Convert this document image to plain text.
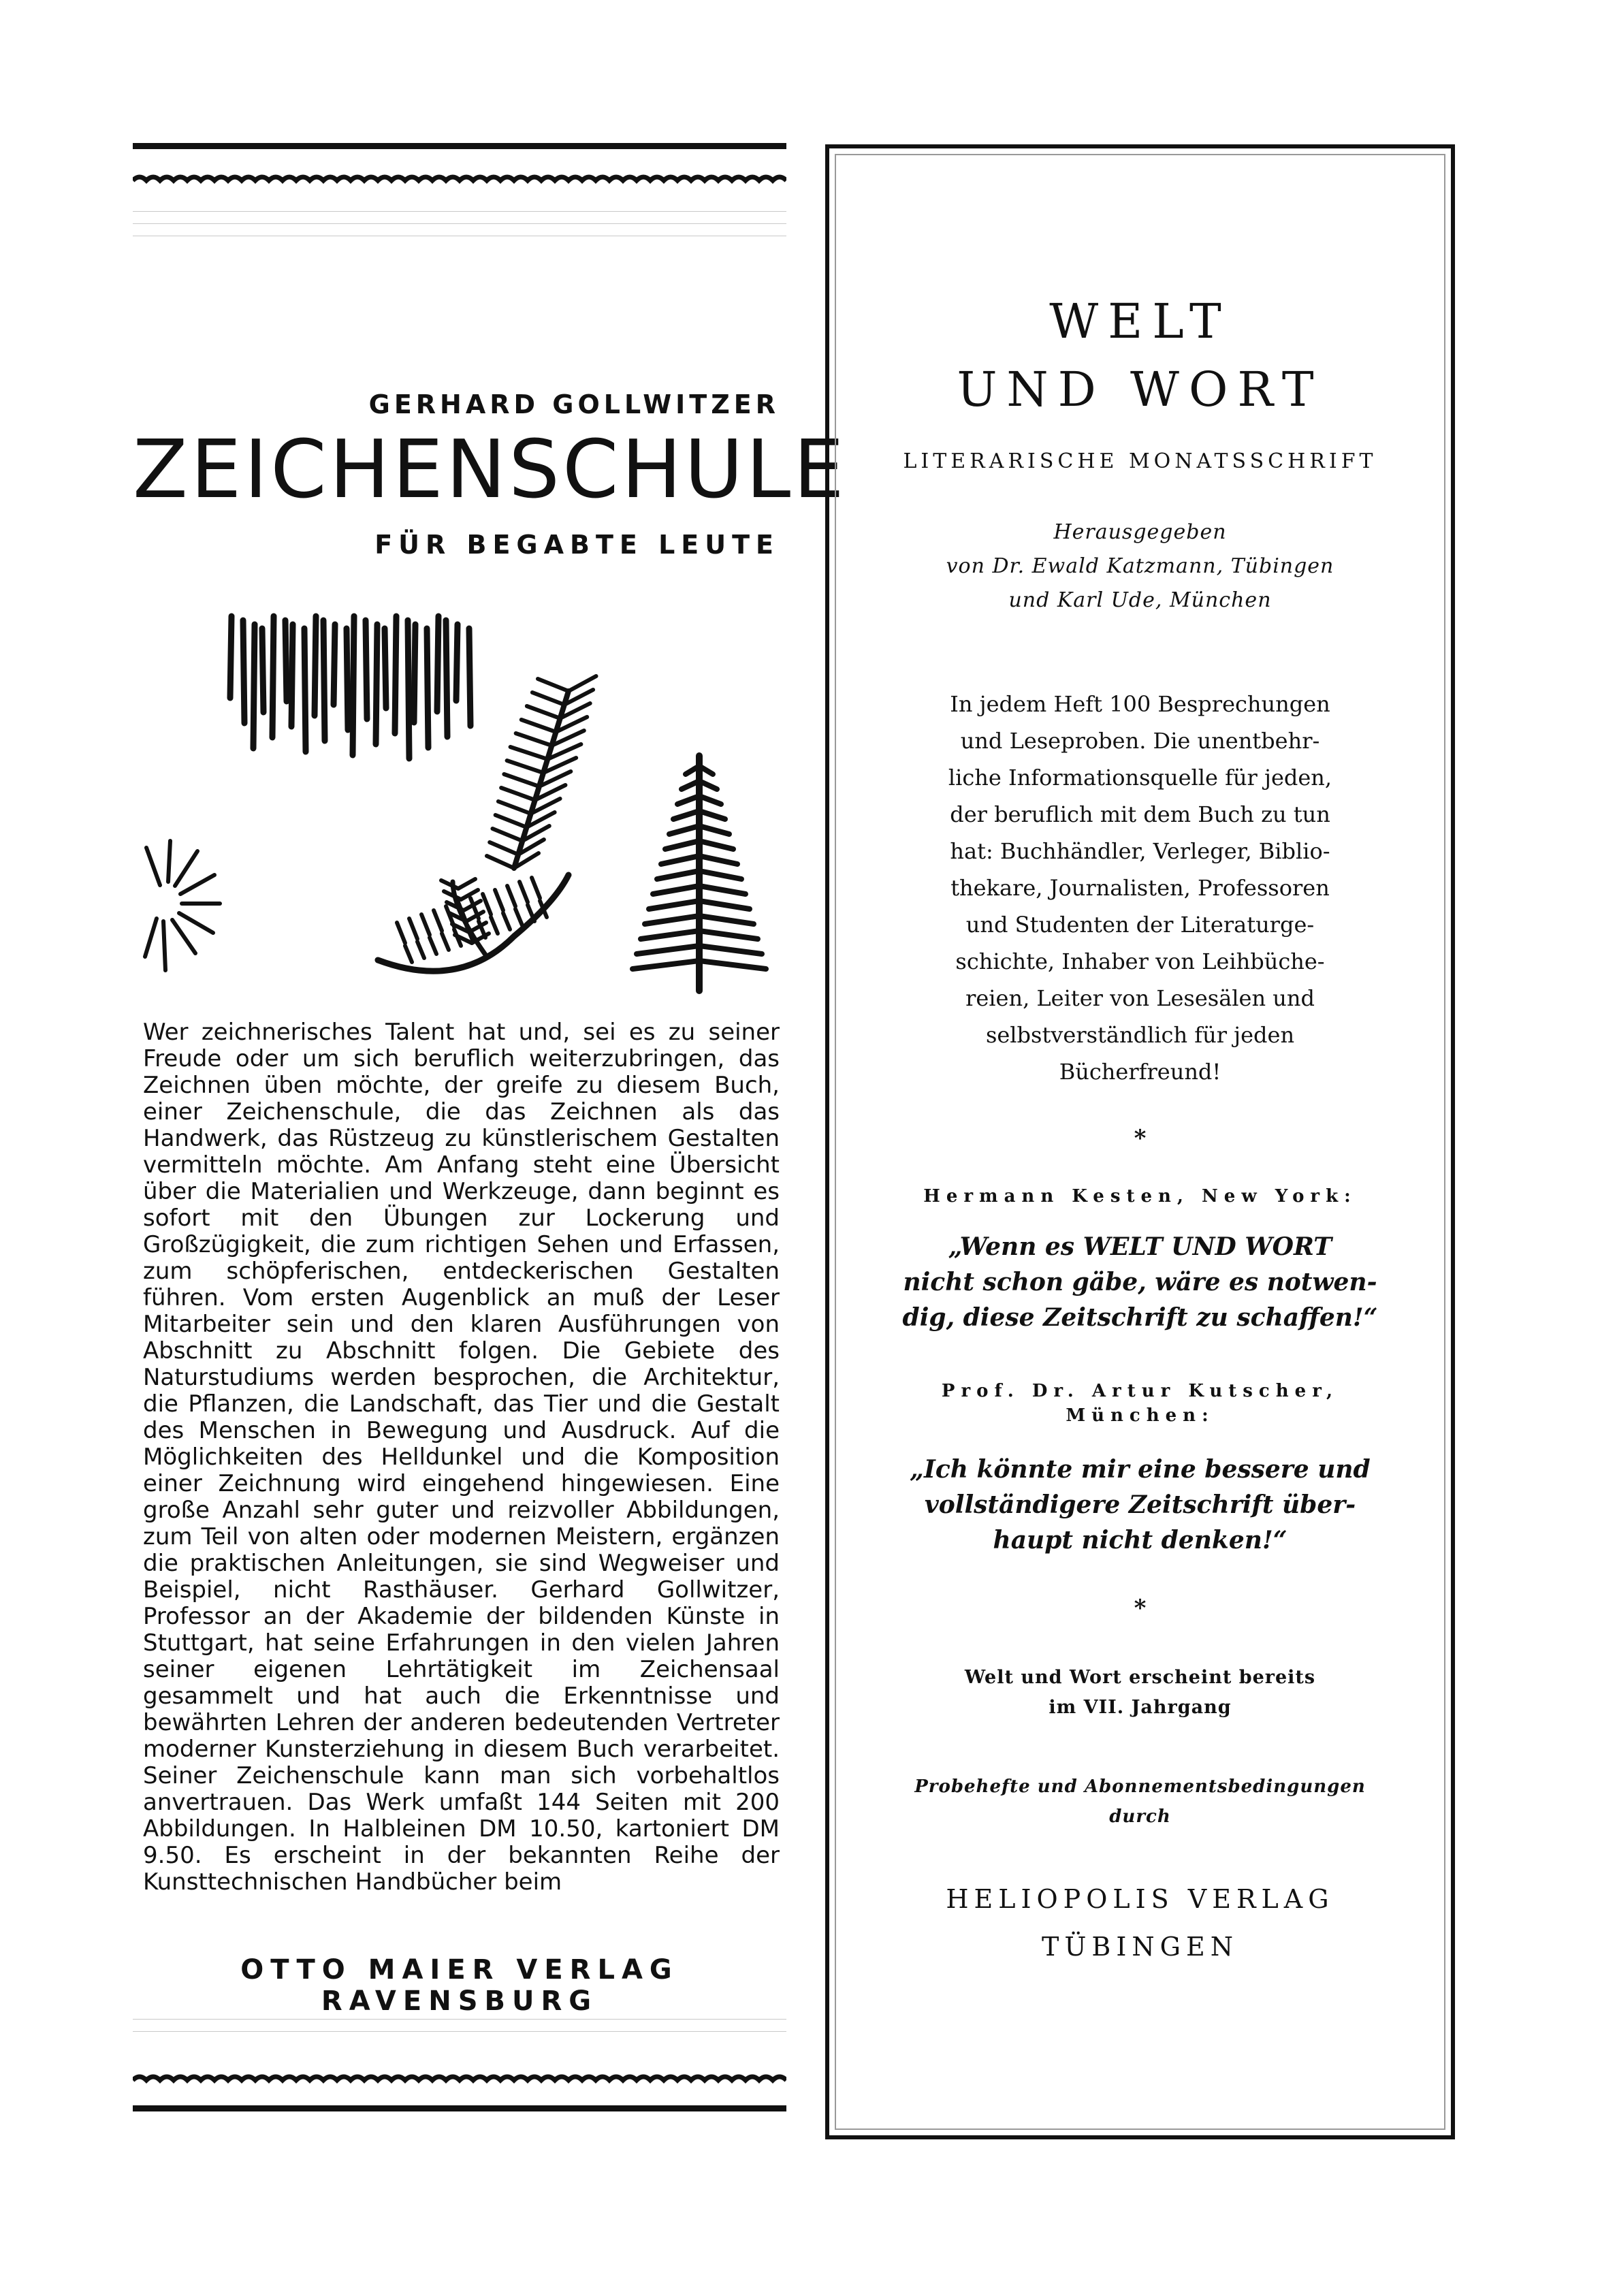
GERHARD GOLLWITZER
ZEICHENSCHULE
FÜR BEGABTE LEUTE
Wer zeichnerisches Talent hat und, sei es zu seiner Freude oder um sich beruflich weiterzubringen, das Zeichnen üben möchte, der greife zu diesem Buch, einer Zeichenschule, die das Zeichnen als das Handwerk, das Rüstzeug zu künstlerischem Gestalten vermitteln möchte. Am Anfang steht eine Übersicht über die Materialien und Werkzeuge, dann beginnt es sofort mit den Übungen zur Lockerung und Großzügigkeit, die zum richtigen Sehen und Erfassen, zum schöpferischen, entdeckerischen Gestalten führen. Vom ersten Augenblick an muß der Leser Mitarbeiter sein und den klaren Ausführungen von Abschnitt zu Abschnitt folgen. Die Gebiete des Naturstudiums werden besprochen, die Architektur, die Pflanzen, die Landschaft, das Tier und die Gestalt des Menschen in Bewegung und Ausdruck. Auf die Möglichkeiten des Helldunkel und die Komposition einer Zeichnung wird eingehend hingewiesen. Eine große Anzahl sehr guter und reizvoller Abbildungen, zum Teil von alten oder modernen Meistern, ergänzen die praktischen Anleitungen, sie sind Wegweiser und Beispiel, nicht Rasthäuser. Gerhard Gollwitzer, Professor an der Akademie der bildenden Künste in Stuttgart, hat seine Erfahrungen in den vielen Jahren seiner eigenen Lehrtätigkeit im Zeichensaal gesammelt und hat auch die Erkenntnisse und bewährten Lehren der anderen bedeutenden Vertreter moderner Kunsterziehung in diesem Buch verarbeitet. Seiner Zeichenschule kann man sich vorbehaltlos anvertrauen. Das Werk umfaßt 144 Seiten mit 200 Abbildungen. In Halbleinen DM 10.50, kartoniert DM 9.50. Es erscheint in der bekannten Reihe der Kunsttechnischen Handbücher beim
OTTO MAIER VERLAG RAVENSBURG
WELT
UND WORT
LITERARISCHE MONATSSCHRIFT
Herausgegeben
von Dr. Ewald Katzmann, Tübingen
und Karl Ude, München
In jedem Heft 100 Besprechungen
und Leseproben. Die unentbehr-
liche Informationsquelle für jeden,
der beruflich mit dem Buch zu tun
hat: Buchhändler, Verleger, Biblio-
thekare, Journalisten, Professoren
und Studenten der Literaturge-
schichte, Inhaber von Leihbüche-
reien, Leiter von Lesesälen und
selbstverständlich für jeden
Bücherfreund!
*
Hermann Kesten, New York:
„Wenn es WELT UND WORT
nicht schon gäbe, wäre es notwen-
dig, diese Zeitschrift zu schaffen!“
Prof. Dr. Artur Kutscher,
München:
„Ich könnte mir eine bessere und
vollständigere Zeitschrift über-
haupt nicht denken!“
*
Welt und Wort erscheint bereits
im VII. Jahrgang
Probehefte und Abonnementsbedingungen
durch
HELIOPOLIS VERLAG
TÜBINGEN
